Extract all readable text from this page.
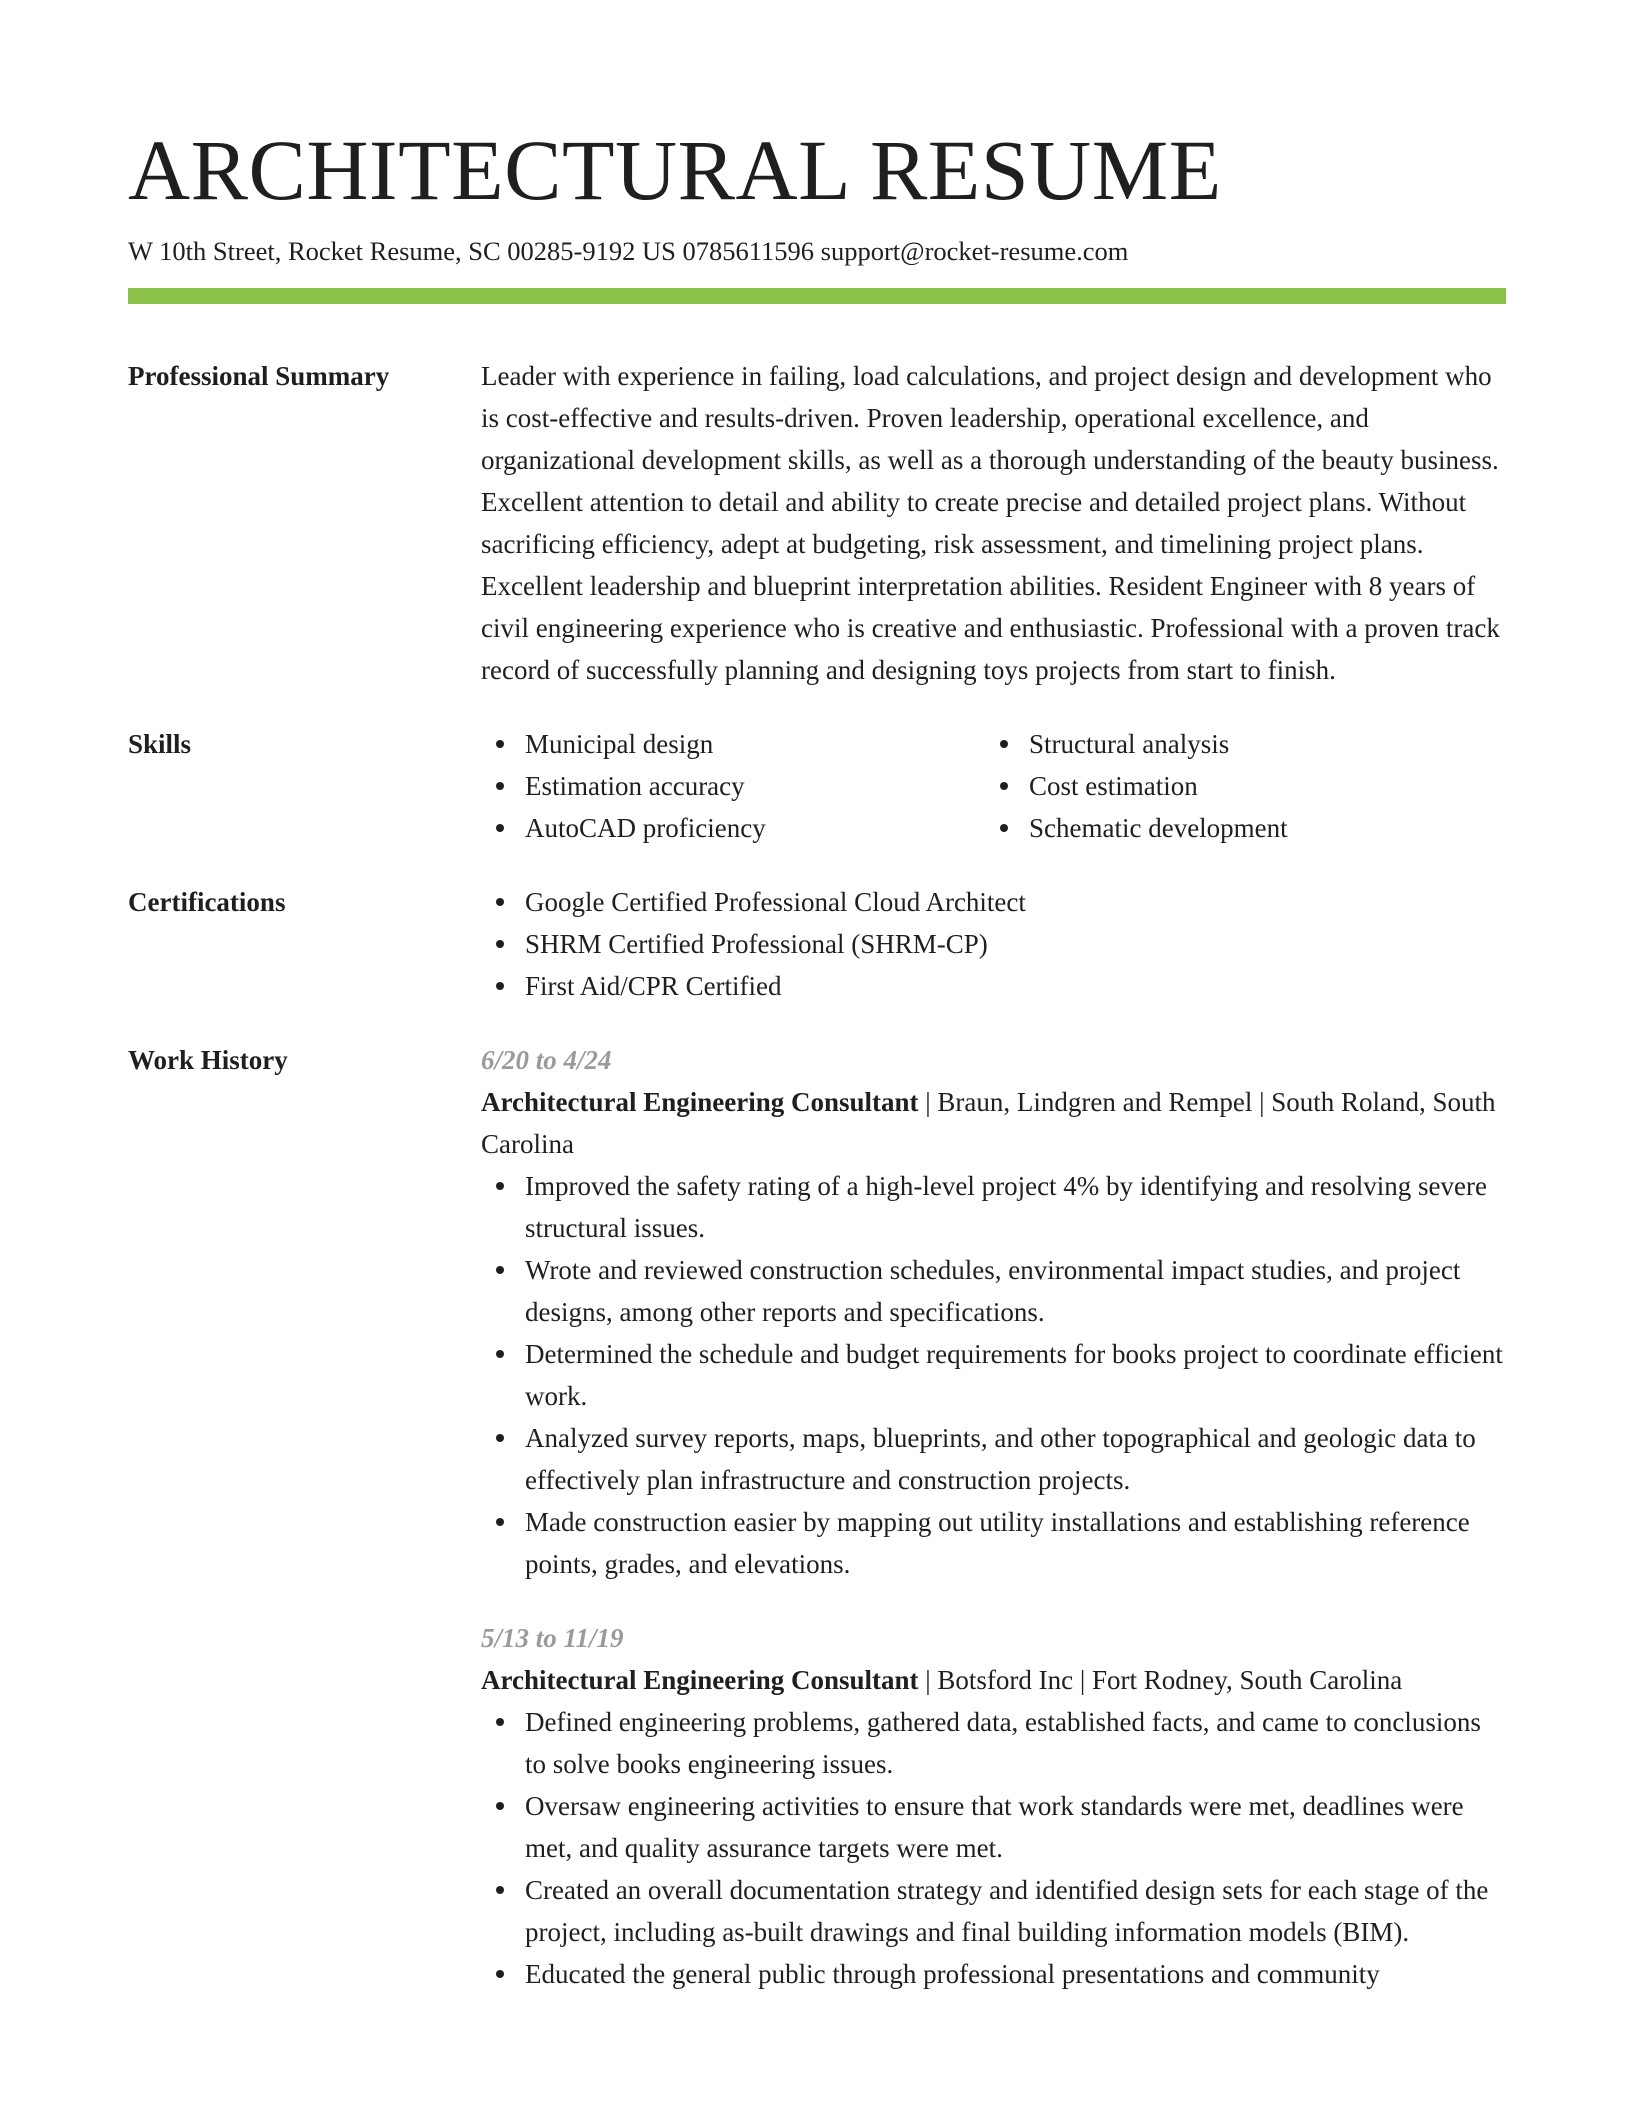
ARCHITECTURAL RESUME
W 10th Street, Rocket Resume, SC 00285-9192 US 0785611596 support@rocket-resume.com
Professional Summary	Leader with experience in failing, load calculations, and project design and development who is cost-effective and results-driven. Proven leadership, operational excellence, and organizational development skills, as well as a thorough understanding of the beauty business. Excellent attention to detail and ability to create precise and detailed project plans. Without sacrificing efficiency, adept at budgeting, risk assessment, and timelining project plans. Excellent leadership and blueprint interpretation abilities. Resident Engineer with 8 years of civil engineering experience who is creative and enthusiastic. Professional with a proven track record of successfully planning and designing toys projects from start to finish.
Skills	Municipal design
Estimation accuracy
AutoCAD proficiency
Structural analysis
Cost estimation
Schematic development
Certifications	Google Certified Professional Cloud Architect
SHRM Certified Professional (SHRM-CP)
First Aid/CPR Certified
Work History	6/20 to 4/24
Architectural Engineering Consultant | Braun, Lindgren and Rempel | South Roland, South Carolina
Improved the safety rating of a high-level project 4% by identifying and resolving severe structural issues.
Wrote and reviewed construction schedules, environmental impact studies, and project designs, among other reports and specifications.
Determined the schedule and budget requirements for books project to coordinate efficient work.
Analyzed survey reports, maps, blueprints, and other topographical and geologic data to effectively plan infrastructure and construction projects.
Made construction easier by mapping out utility installations and establishing reference points, grades, and elevations.
5/13 to 11/19
Architectural Engineering Consultant | Botsford Inc | Fort Rodney, South Carolina
Defined engineering problems, gathered data, established facts, and came to conclusions to solve books engineering issues.
Oversaw engineering activities to ensure that work standards were met, deadlines were met, and quality assurance targets were met.
Created an overall documentation strategy and identified design sets for each stage of the project, including as-built drawings and final building information models (BIM).
Educated the general public through professional presentations and community
